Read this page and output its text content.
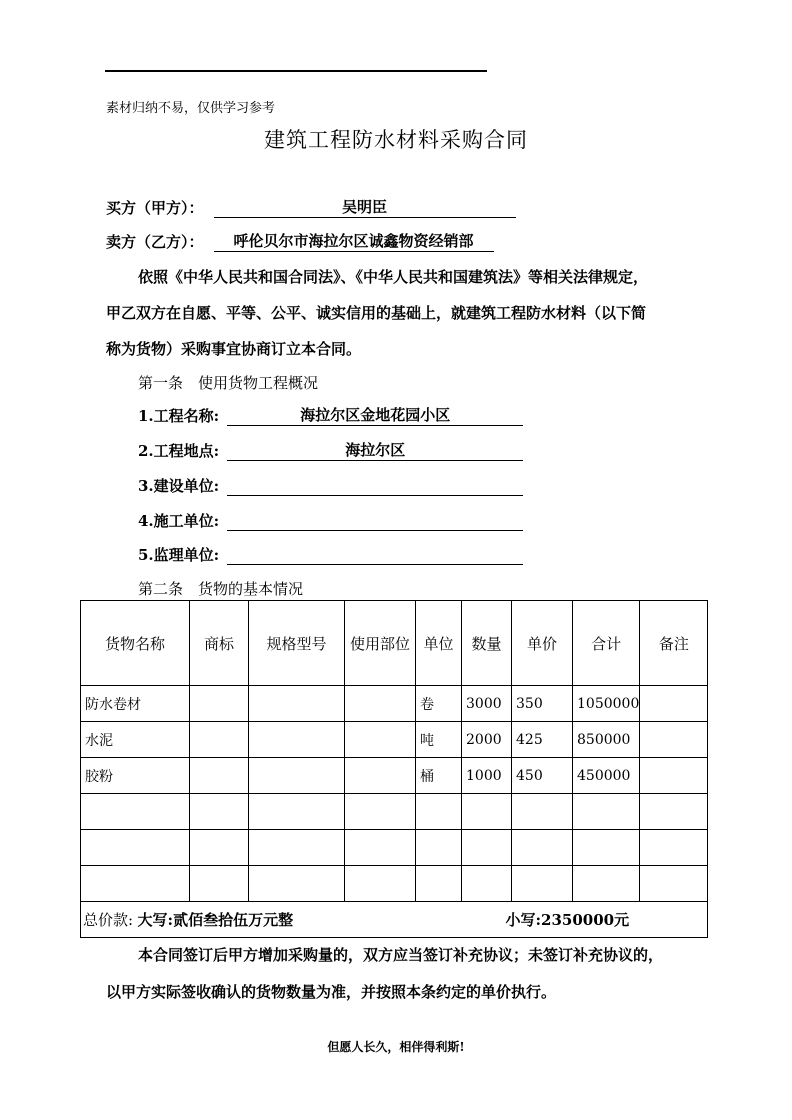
素材归纳不易，仅供学习参考
建筑工程防水材料采购合同
买方（甲方）：	吴明臣
卖方（乙方）： 呼伦贝尔市海拉尔区诚鑫物资经销部
依照《中华人民共和国合同法》、《中华人民共和国建筑法》等相关法律规定，
甲乙双方在自愿、平等、公平、诚实信用的基础上，就建筑工程防水材料（以下简
称为货物）采购事宜协商订立本合同。
第一条　使用货物工程概况
1.工程名称:	海拉尔区金地花园小区
2.工程地点:	海拉尔区
3.建设单位:
4.施工单位:
5.监理单位:
第二条　货物的基本情况
货物名称	商标	规格型号	使用部位	单位	数量	单价	合计	备注
防水卷材				卷	3000	350	1050000	
水泥				吨	2000	425	850000	
胶粉				桶	1000	450	450000	

总价款: 大写:贰佰叁拾伍万元整 小写:2350000元								
本合同签订后甲方增加采购量的，双方应当签订补充协议；未签订补充协议的，
以甲方实际签收确认的货物数量为准，并按照本条约定的单价执行。
但愿人长久，相伴得利斯!
